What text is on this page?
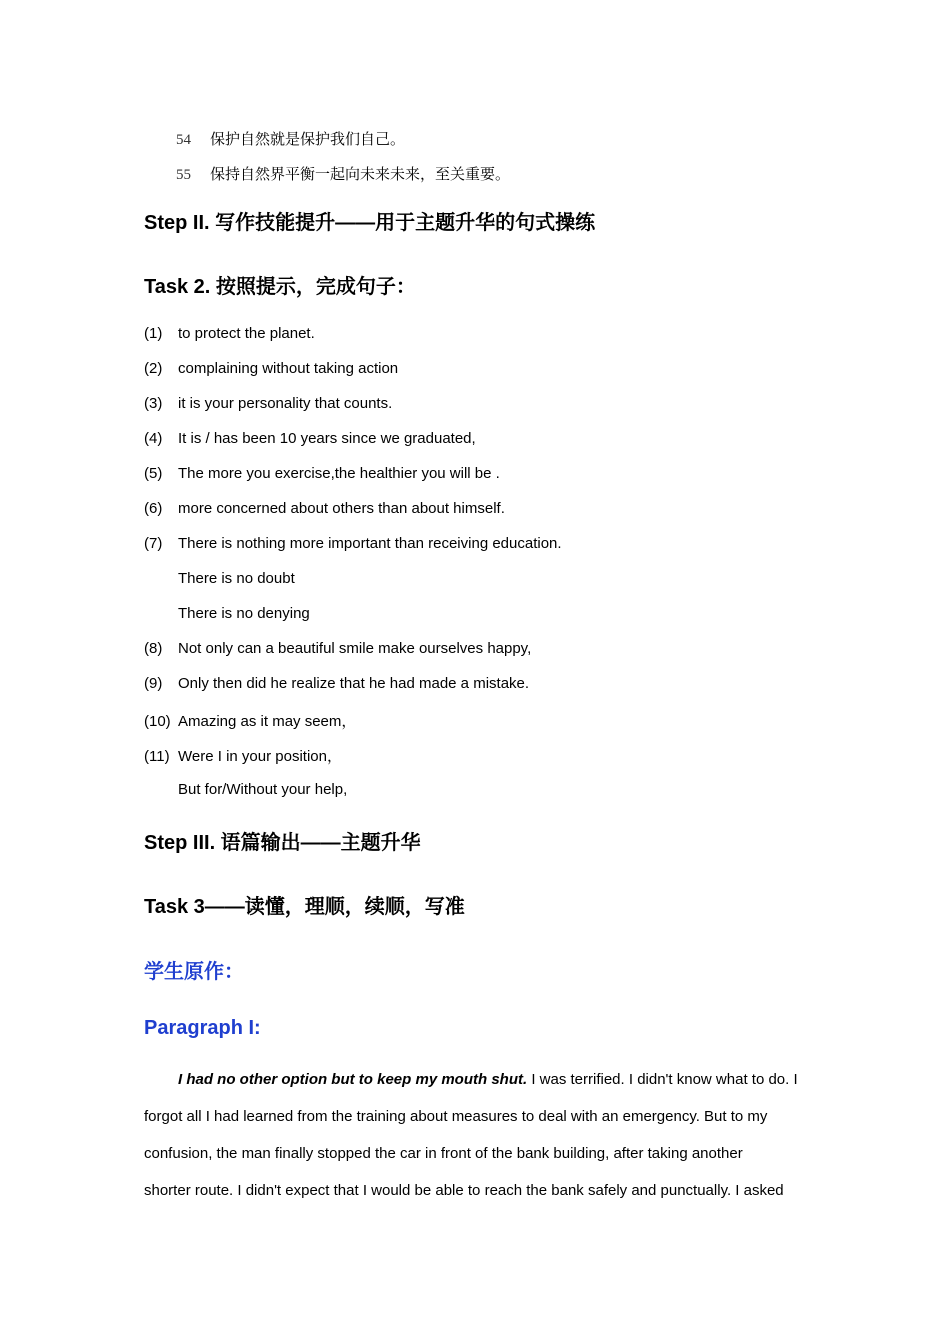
54 保护自然就是保护我们自己。
55 保持自然界平衡一起向未来未来，至关重要。
Step II. 写作技能提升——用于主题升华的句式操练
Task 2. 按照提示，完成句子：
(1) to protect the planet.
(2) complaining without taking action
(3) it is your personality that counts.
(4) It is / has been 10 years since we graduated,
(5) The more you exercise,the healthier you will be .
(6) more concerned about others than about himself.
(7) There is nothing more important than receiving education.
There is no doubt
There is no denying
(8) Not only can a beautiful smile make ourselves happy,
(9) Only then did he realize that he had made a mistake.
(10) Amazing as it may seem，
(11) Were I in your position，
But for/Without your help,
Step III. 语篇输出——主题升华
Task 3——读懂，理顺，续顺，写准
学生原作：
Paragraph I:
I had no other option but to keep my mouth shut. I was terrified. I didn't know what to do. I
forgot all I had learned from the training about measures to deal with an emergency. But to my
confusion, the man finally stopped the car in front of the bank building, after taking another
shorter route. I didn't expect that I would be able to reach the bank safely and punctually. I asked
